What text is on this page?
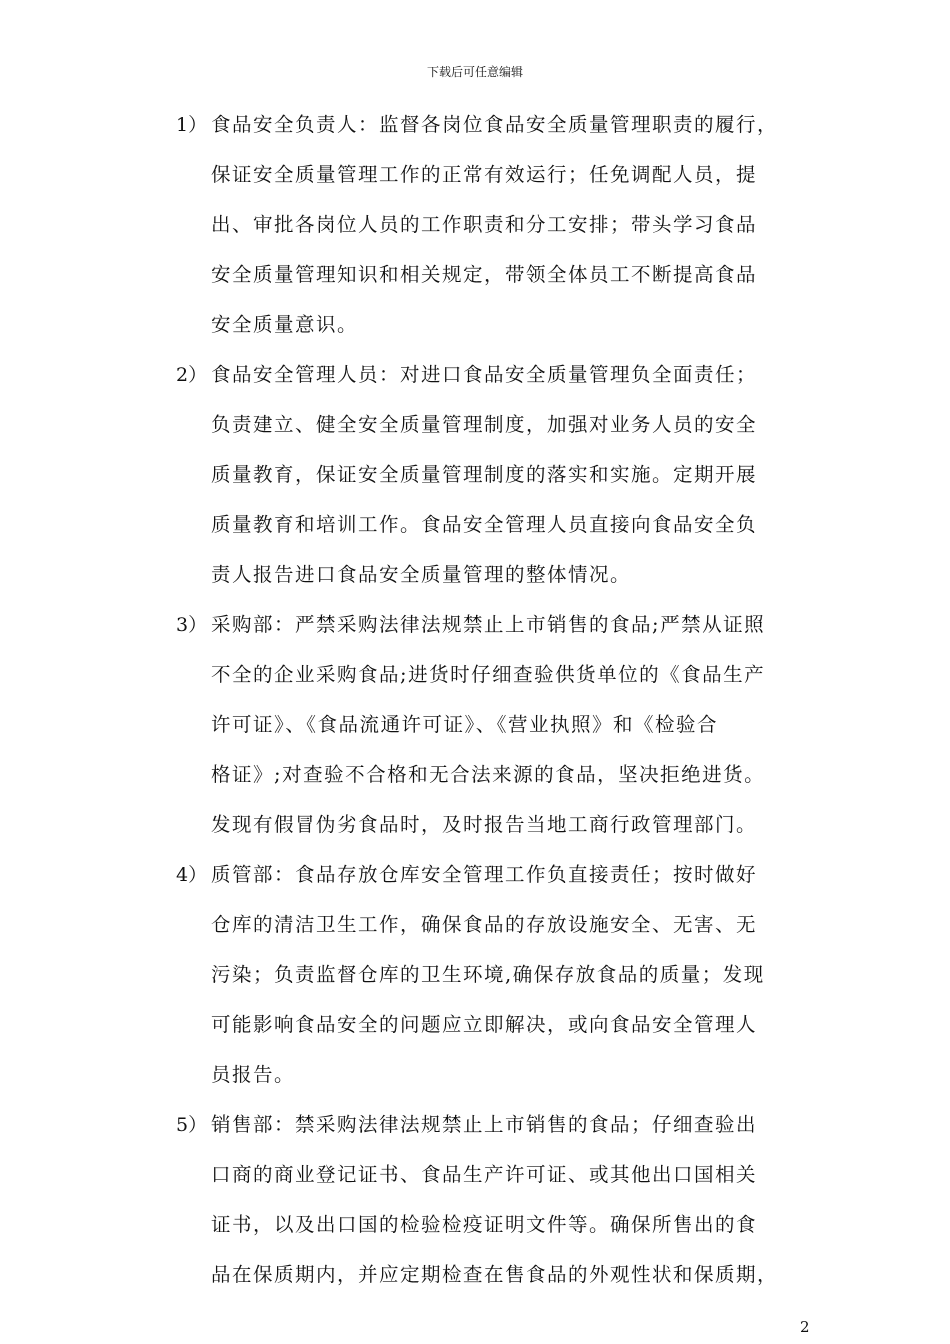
下载后可任意编辑
1） 食品安全负责人：监督各岗位食品安全质量管理职责的履行，
保证安全质量管理工作的正常有效运行；任免调配人员，提
出、审批各岗位人员的工作职责和分工安排；带头学习食品
安全质量管理知识和相关规定，带领全体员工不断提高食品
安全质量意识。
2） 食品安全管理人员：对进口食品安全质量管理负全面责任；
负责建立、健全安全质量管理制度，加强对业务人员的安全
质量教育，保证安全质量管理制度的落实和实施。定期开展
质量教育和培训工作。食品安全管理人员直接向食品安全负
责人报告进口食品安全质量管理的整体情况。
3） 采购部：严禁采购法律法规禁止上市销售的食品;严禁从证照
不全的企业采购食品;进货时仔细查验供货单位的《食品生产
许可证》、《食品流通许可证》、《营业执照》和《检验合
格证》;对查验不合格和无合法来源的食品，坚决拒绝进货。
发现有假冒伪劣食品时，及时报告当地工商行政管理部门。
4） 质管部：食品存放仓库安全管理工作负直接责任；按时做好
仓库的清洁卫生工作，确保食品的存放设施安全、无害、无
污染；负责监督仓库的卫生环境,确保存放食品的质量；发现
可能影响食品安全的问题应立即解决，或向食品安全管理人
员报告。
5） 销售部：禁采购法律法规禁止上市销售的食品；仔细查验出
口商的商业登记证书、食品生产许可证、或其他出口国相关
证书，以及出口国的检验检疫证明文件等。确保所售出的食
品在保质期内，并应定期检查在售食品的外观性状和保质期，
2
